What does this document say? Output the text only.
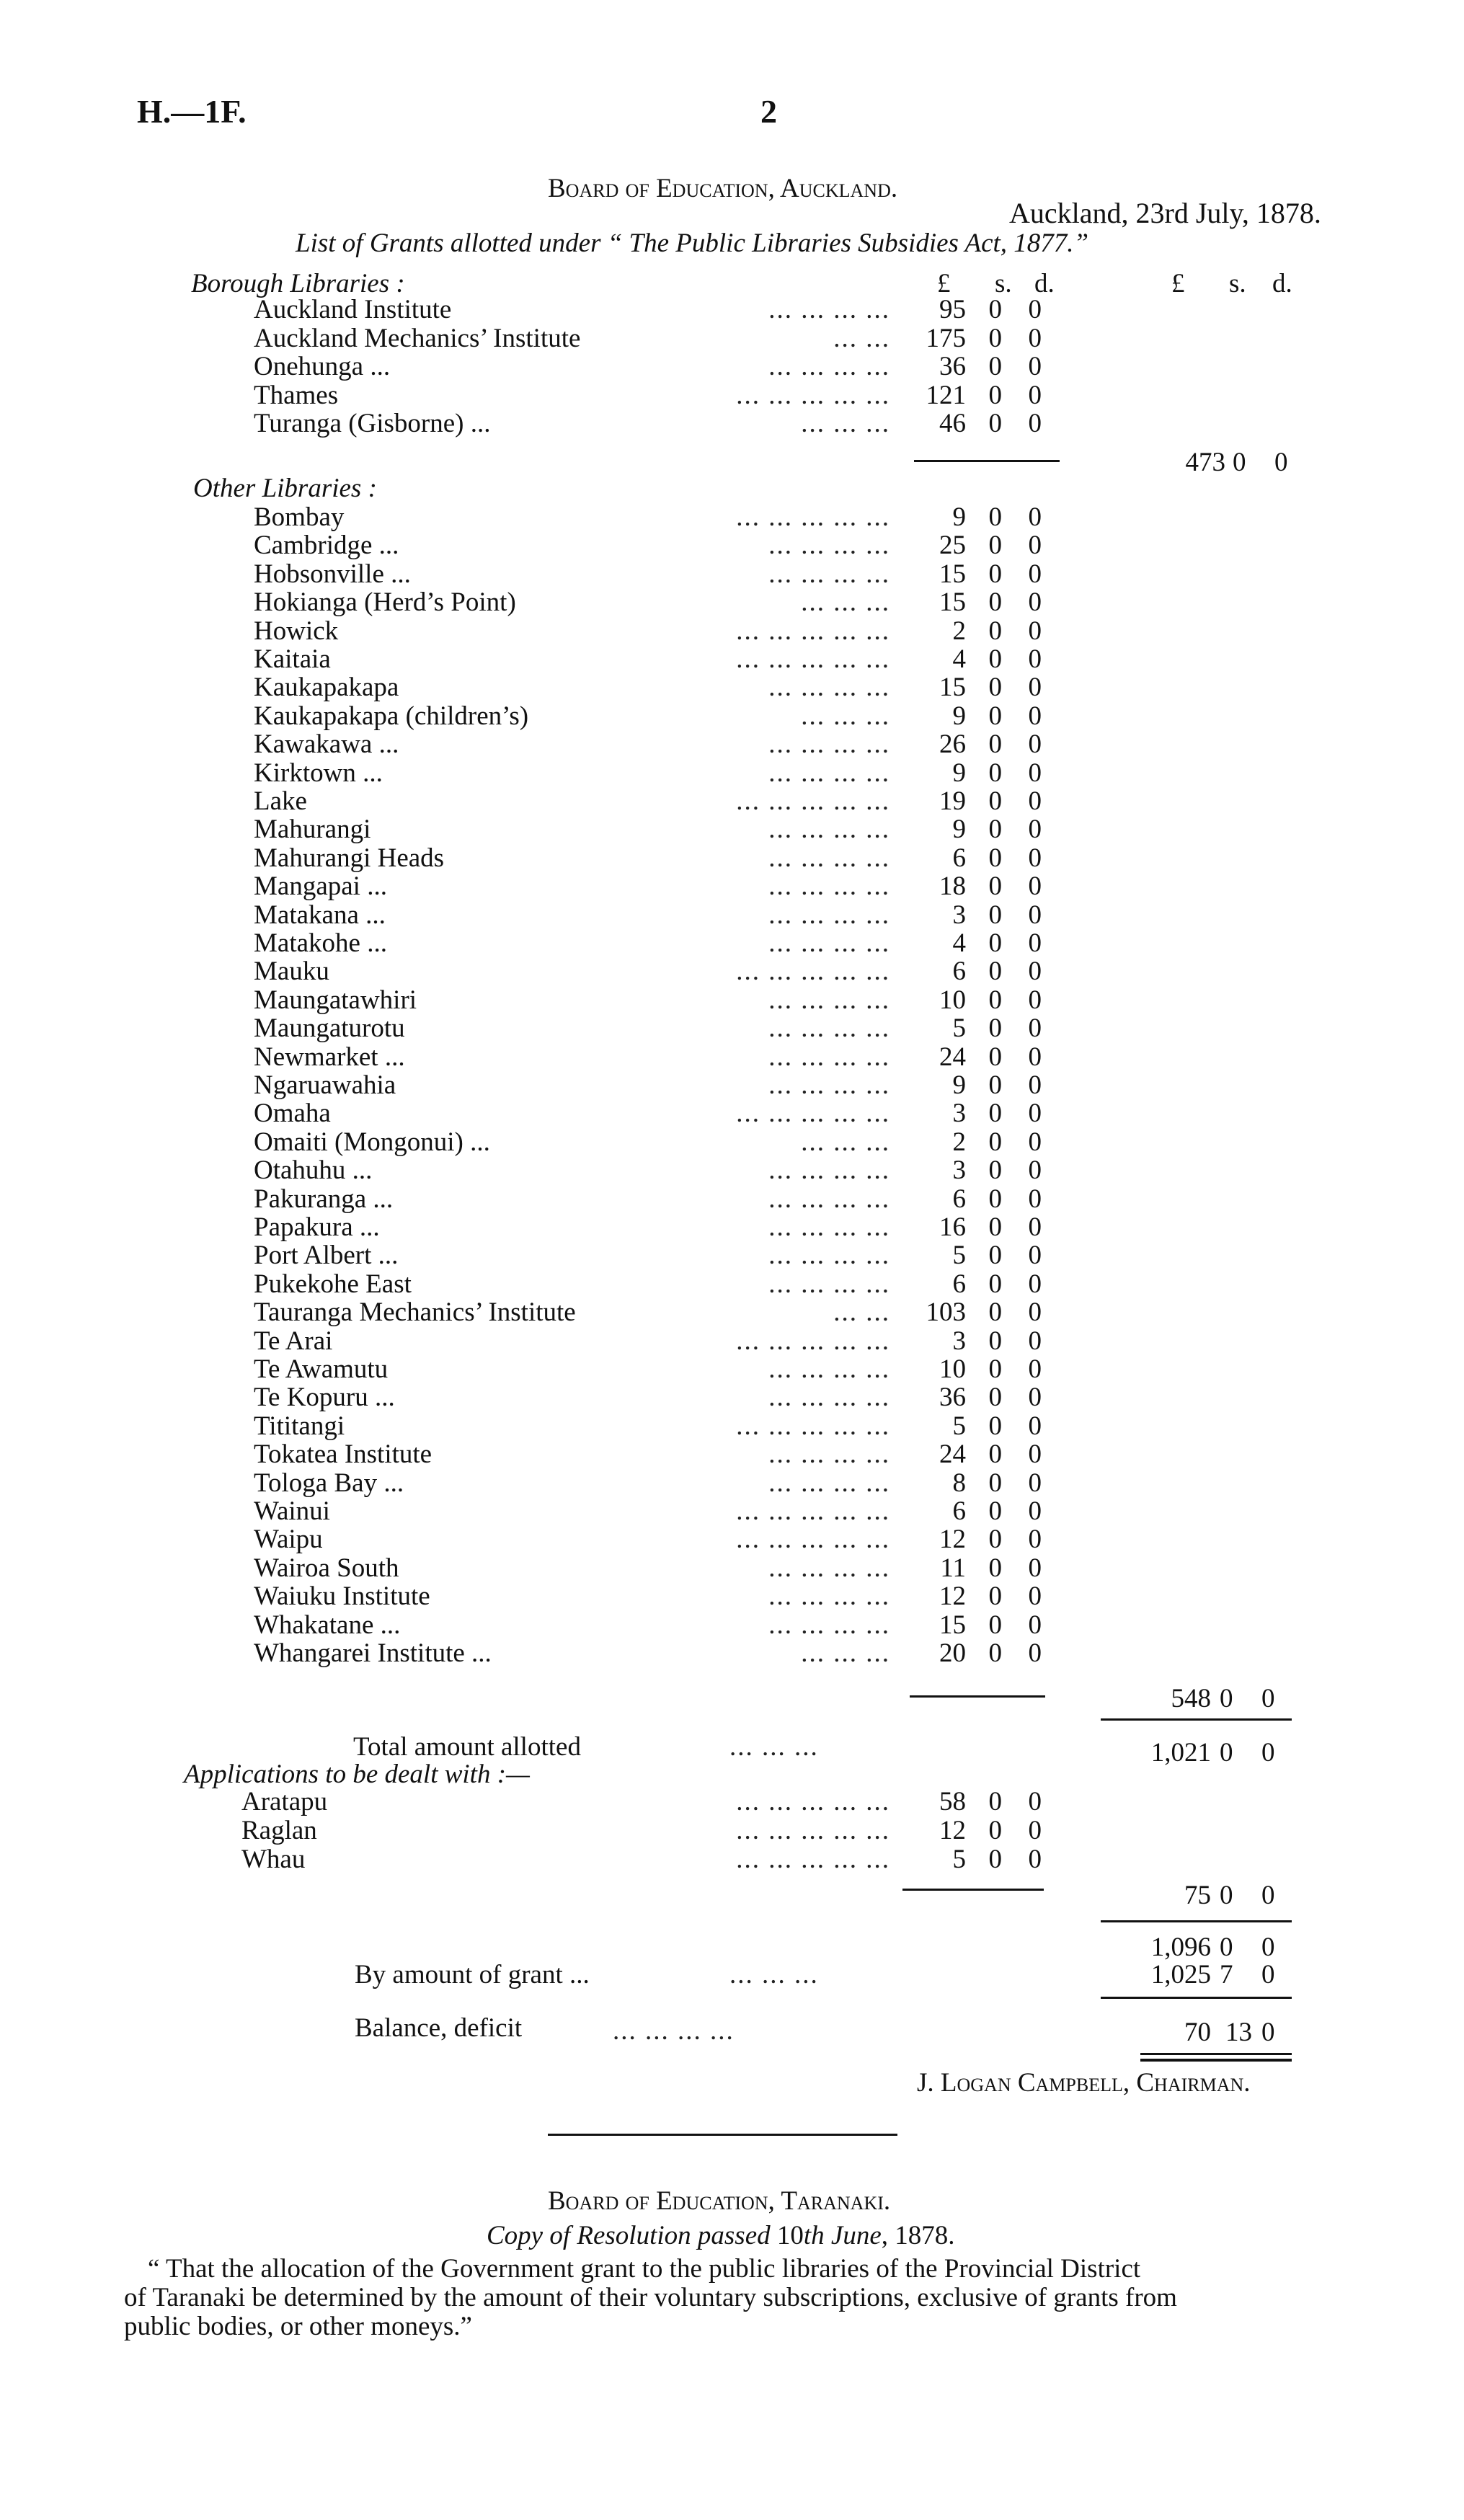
H.—1F.	2
Board of Education, Auckland.
Auckland, 23rd July, 1878.
List of Grants allotted under “ The Public Libraries Subsidies Act, 1877.”
Borough Libraries :	£ s. d.	£ s. d.
Auckland Institute	... ... ... ...	95 0 0
Auckland Mechanics’ Institute	... ...	175 0 0
Onehunga ...	... ... ... ...	36 0 0
Thames	... ... ... ... ...	121 0 0
Turanga (Gisborne) ...	... ... ...	46 0 0
473 0 0
Other Libraries :
Bombay	... ... ... ... ...	9 0 0
Cambridge ...	... ... ... ...	25 0 0
Hobsonville ...	... ... ... ...	15 0 0
Hokianga (Herd’s Point)	... ... ...	15 0 0
Howick	... ... ... ... ...	2 0 0
Kaitaia	... ... ... ... ...	4 0 0
Kaukapakapa	... ... ... ...	15 0 0
Kaukapakapa (children’s)	... ... ...	9 0 0
Kawakawa ...	... ... ... ...	26 0 0
Kirktown ...	... ... ... ...	9 0 0
Lake	... ... ... ... ...	19 0 0
Mahurangi	... ... ... ...	9 0 0
Mahurangi Heads	... ... ... ...	6 0 0
Mangapai ...	... ... ... ...	18 0 0
Matakana ...	... ... ... ...	3 0 0
Matakohe ...	... ... ... ...	4 0 0
Mauku	... ... ... ... ...	6 0 0
Maungatawhiri	... ... ... ...	10 0 0
Maungaturotu	... ... ... ...	5 0 0
Newmarket ...	... ... ... ...	24 0 0
Ngaruawahia	... ... ... ...	9 0 0
Omaha	... ... ... ... ...	3 0 0
Omaiti (Mongonui) ...	... ... ...	2 0 0
Otahuhu ...	... ... ... ...	3 0 0
Pakuranga ...	... ... ... ...	6 0 0
Papakura ...	... ... ... ...	16 0 0
Port Albert ...	... ... ... ...	5 0 0
Pukekohe East	... ... ... ...	6 0 0
Tauranga Mechanics’ Institute	... ...	103 0 0
Te Arai	... ... ... ... ...	3 0 0
Te Awamutu	... ... ... ...	10 0 0
Te Kopuru ...	... ... ... ...	36 0 0
Tititangi	... ... ... ... ...	5 0 0
Tokatea Institute	... ... ... ...	24 0 0
Tologa Bay ...	... ... ... ...	8 0 0
Wainui	... ... ... ... ...	6 0 0
Waipu	... ... ... ... ...	12 0 0
Wairoa South	... ... ... ...	11 0 0
Waiuku Institute	... ... ... ...	12 0 0
Whakatane ...	... ... ... ...	15 0 0
Whangarei Institute ...	... ... ...	20 0 0
548 0 0
Total amount allotted	... ... ...	1,021 0 0
Applications to be dealt with :—
Aratapu	... ... ... ... ...	58 0 0
Raglan	... ... ... ... ...	12 0 0
Whau	... ... ... ... ...	5 0 0
75 0 0
1,096 0 0
By amount of grant ...	... ... ...	1,025 7 0
Balance, deficit	... ... ... ...	70 13 0
J. Logan Campbell, Chairman.
Board of Education, Taranaki.
Copy of Resolution passed 10th June, 1878.
“ That the allocation of the Government grant to the public libraries of the Provincial District
of Taranaki be determined by the amount of their voluntary subscriptions, exclusive of grants from
public bodies, or other moneys.”
